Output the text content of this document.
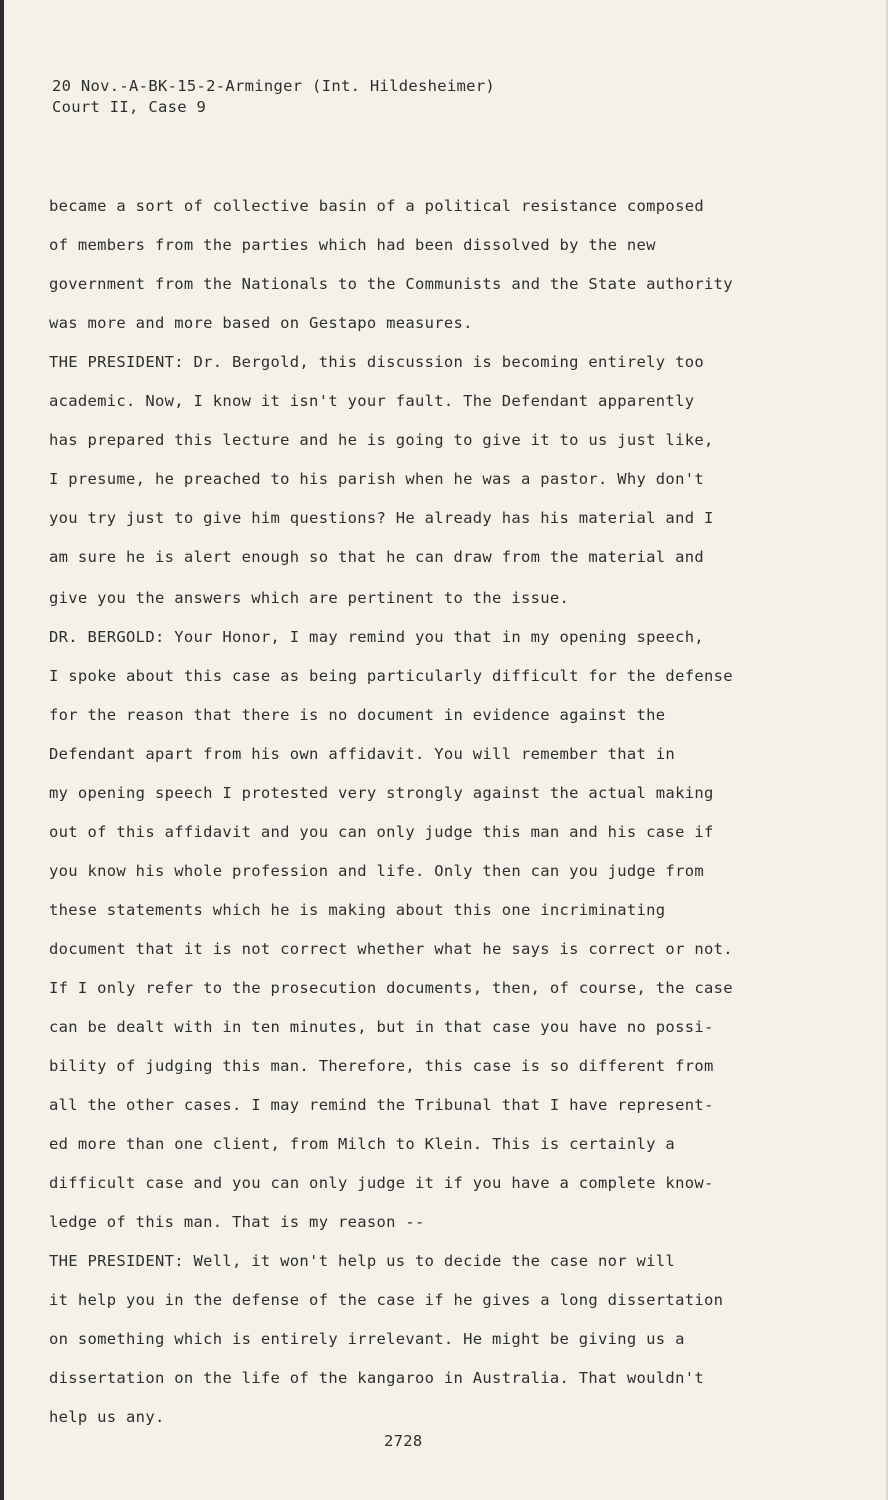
20 Nov.-A-BK-15-2-Arminger (Int. Hildesheimer)
Court II, Case 9
became a sort of collective basin of a political resistance composed
of members from the parties which had been dissolved by the new
government from the Nationals to the Communists and the State authority
was more and more based on Gestapo measures.
THE PRESIDENT: Dr. Bergold, this discussion is becoming entirely too
academic. Now, I know it isn't your fault. The Defendant apparently
has prepared this lecture and he is going to give it to us just like,
I presume, he preached to his parish when he was a pastor. Why don't
you try just to give him questions? He already has his material and I
am sure he is alert enough so that he can draw from the material and
give you the answers which are pertinent to the issue.
DR. BERGOLD: Your Honor, I may remind you that in my opening speech,
I spoke about this case as being particularly difficult for the defense
for the reason that there is no document in evidence against the
Defendant apart from his own affidavit. You will remember that in
my opening speech I protested very strongly against the actual making
out of this affidavit and you can only judge this man and his case if
you know his whole profession and life. Only then can you judge from
these statements which he is making about this one incriminating
document that it is not correct whether what he says is correct or not.
If I only refer to the prosecution documents, then, of course, the case
can be dealt with in ten minutes, but in that case you have no possi-
bility of judging this man. Therefore, this case is so different from
all the other cases. I may remind the Tribunal that I have represent-
ed more than one client, from Milch to Klein. This is certainly a
difficult case and you can only judge it if you have a complete know-
ledge of this man. That is my reason --
THE PRESIDENT: Well, it won't help us to decide the case nor will
it help you in the defense of the case if he gives a long dissertation
on something which is entirely irrelevant. He might be giving us a
dissertation on the life of the kangaroo in Australia. That wouldn't
help us any.
2728
